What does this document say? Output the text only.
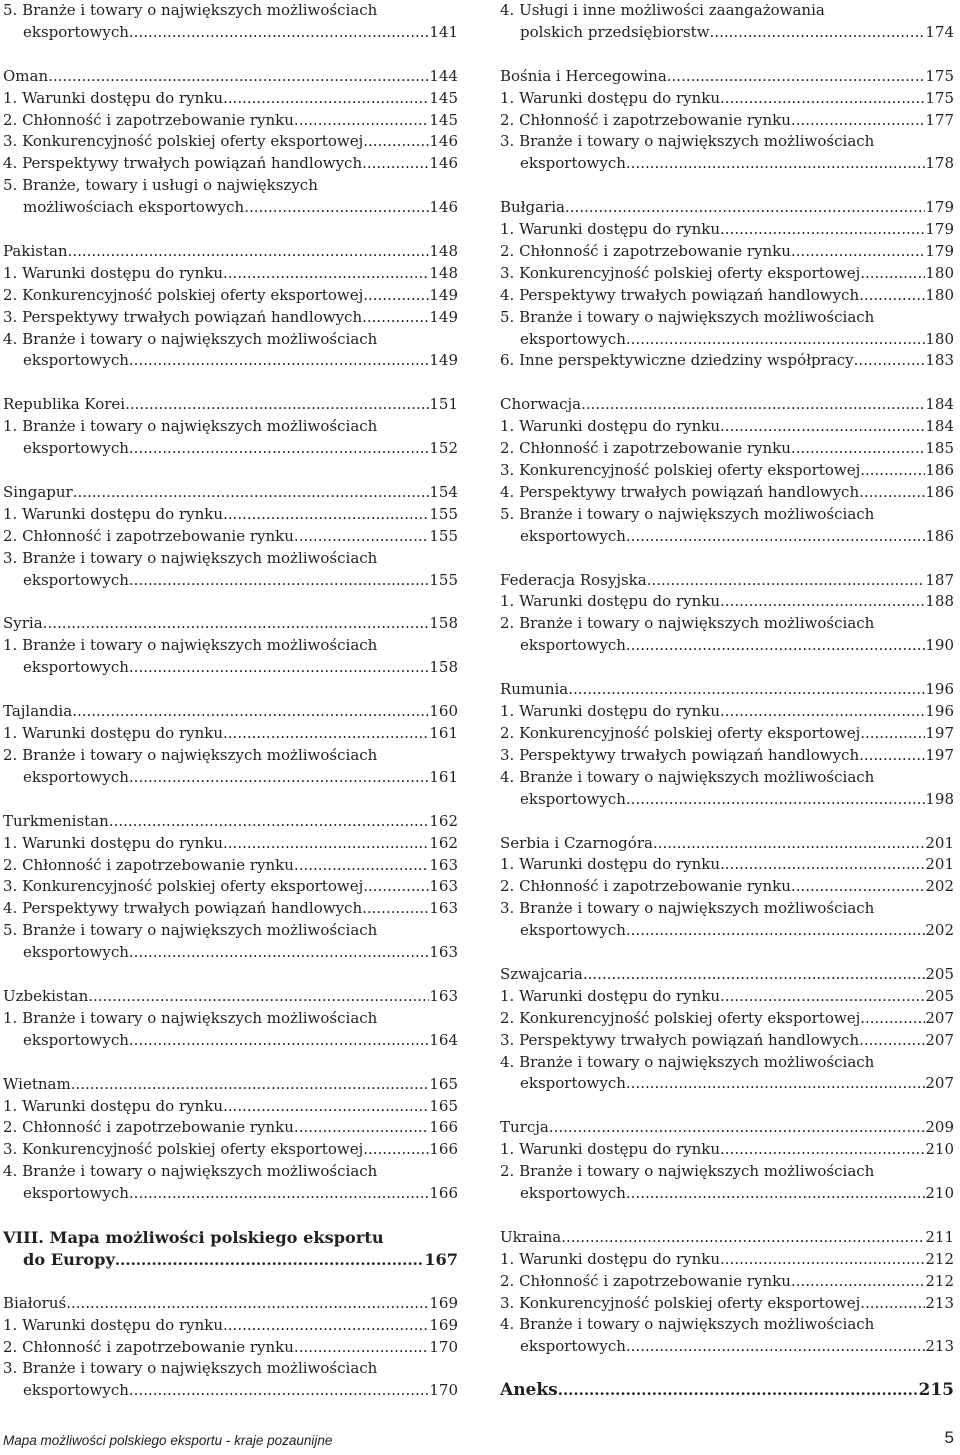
5. Branże i towary o największych możliwościach
eksportowych .....	141
Oman .....	144
1. Warunki dostępu do rynku .....	145
2. Chłonność i zapotrzebowanie rynku. .....	145
3. Konkurencyjność polskiej oferty eksportowej. .....	146
4. Perspektywy trwałych powiązań handlowych .....	146
5. Branże, towary i usługi o największych
możliwościach eksportowych .....	146
Pakistan .....	148
1. Warunki dostępu do rynku .....	148
2. Konkurencyjność polskiej oferty eksportowej. .....	149
3. Perspektywy trwałych powiązań handlowych .....	149
4. Branże i towary o największych możliwościach
eksportowych .....	149
Republika Korei .....	151
1. Branże i towary o największych możliwościach
eksportowych .....	152
Singapur .....	154
1. Warunki dostępu do rynku .....	155
2. Chłonność i zapotrzebowanie rynku. .....	155
3. Branże i towary o największych możliwościach
eksportowych .....	155
Syria .....	158
1. Branże i towary o największych możliwościach
eksportowych .....	158
Tajlandia .....	160
1. Warunki dostępu do rynku .....	161
2. Branże i towary o największych możliwościach
eksportowych .....	161
Turkmenistan .....	162
1. Warunki dostępu do rynku .....	162
2. Chłonność i zapotrzebowanie rynku. .....	163
3. Konkurencyjność polskiej oferty eksportowej. .....	163
4. Perspektywy trwałych powiązań handlowych .....	163
5. Branże i towary o największych możliwościach
eksportowych .....	163
Uzbekistan .....	163
1. Branże i towary o największych możliwościach
eksportowych .....	164
Wietnam .....	165
1. Warunki dostępu do rynku .....	165
2. Chłonność i zapotrzebowanie rynku. .....	166
3. Konkurencyjność polskiej oferty eksportowej. .....	166
4. Branże i towary o największych możliwościach
eksportowych .....	166
VIII. Mapa możliwości polskiego eksportu
do Europy .....	167
Białoruś .....	169
1. Warunki dostępu do rynku .....	169
2. Chłonność i zapotrzebowanie rynku. .....	170
3. Branże i towary o największych możliwościach
eksportowych .....	170
4. Usługi i inne możliwości zaangażowania
polskich przedsiębiorstw .....	174
Bośnia i Hercegowina .....	175
1. Warunki dostępu do rynku .....	175
2. Chłonność i zapotrzebowanie rynku. .....	177
3. Branże i towary o największych możliwościach
eksportowych .....	178
Bułgaria .....	179
1. Warunki dostępu do rynku .....	179
2. Chłonność i zapotrzebowanie rynku. .....	179
3. Konkurencyjność polskiej oferty eksportowej. .....	180
4. Perspektywy trwałych powiązań handlowych .....	180
5. Branże i towary o największych możliwościach
eksportowych .....	180
6. Inne perspektywiczne dziedziny współpracy .....	183
Chorwacja .....	184
1. Warunki dostępu do rynku .....	184
2. Chłonność i zapotrzebowanie rynku. .....	185
3. Konkurencyjność polskiej oferty eksportowej. .....	186
4. Perspektywy trwałych powiązań handlowych .....	186
5. Branże i towary o największych możliwościach
eksportowych .....	186
Federacja Rosyjska .....	187
1. Warunki dostępu do rynku .....	188
2. Branże i towary o największych możliwościach
eksportowych .....	190
Rumunia .....	196
1. Warunki dostępu do rynku .....	196
2. Konkurencyjność polskiej oferty eksportowej .....	197
3. Perspektywy trwałych powiązań handlowych .....	197
4. Branże i towary o największych możliwościach
eksportowych .....	198
Serbia i Czarnogóra .....	201
1. Warunki dostępu do rynku .....	201
2. Chłonność i zapotrzebowanie rynku. .....	202
3. Branże i towary o największych możliwościach
eksportowych .....	202
Szwajcaria .....	205
1. Warunki dostępu do rynku .....	205
2. Konkurencyjność polskiej oferty eksportowej .....	207
3. Perspektywy trwałych powiązań handlowych .....	207
4. Branże i towary o największych możliwościach
eksportowych .....	207
Turcja .....	209
1. Warunki dostępu do rynku .....	210
2. Branże i towary o największych możliwościach
eksportowych .....	210
Ukraina .....	211
1. Warunki dostępu do rynku .....	212
2. Chłonność i zapotrzebowanie rynku. .....	212
3. Konkurencyjność polskiej oferty eksportowej. .....	213
4. Branże i towary o największych możliwościach
eksportowych .....	213
Aneks .....	215
Mapa możliwości polskiego eksportu - kraje pozaunijne	5
